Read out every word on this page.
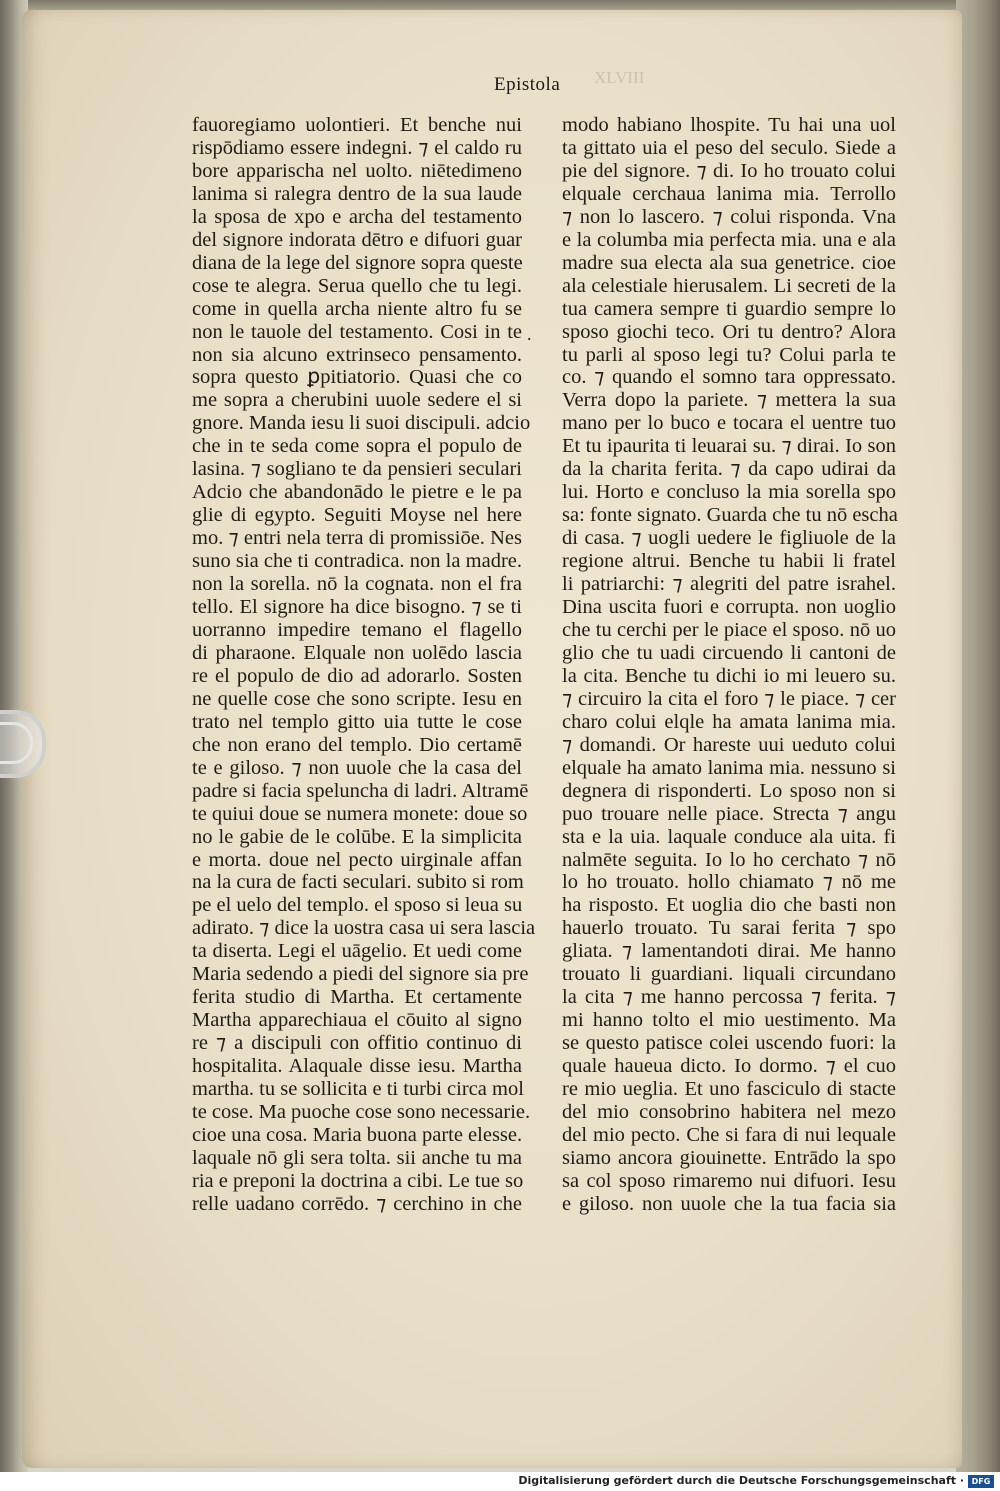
XLVIII
Epistola
fauoregiamo uolontieri. Et benche nui
rispōdiamo essere indegni. ⁊ el caldo ru
bore apparischa nel uolto. niētedimeno
lanima si ralegra dentro de la sua laude
la sposa de xpo e archa del testamento
del signore indorata dētro e difuori guar
diana de la lege del signore sopra queste
cose te alegra. Serua quello che tu legi.
come in quella archa niente altro fu se
non le tauole del testamento. Cosi in te
non sia alcuno extrinseco pensamento.
sopra questo ꝑpitiatorio. Quasi che co
me sopra a cherubini uuole sedere el si
gnore. Manda iesu li suoi discipuli. adcio
che in te seda come sopra el populo de
lasina. ⁊ sogliano te da pensieri seculari
Adcio che abandonādo le pietre e le pa
glie di egypto. Seguiti Moyse nel here
mo. ⁊ entri nela terra di promissiōe. Nes
suno sia che ti contradica. non la madre.
non la sorella. nō la cognata. non el fra
tello. El signore ha dice bisogno. ⁊ se ti
uorranno impedire temano el flagello
di pharaone. Elquale non uolēdo lascia
re el populo de dio ad adorarlo. Sosten
ne quelle cose che sono scripte. Iesu en
trato nel templo gitto uia tutte le cose
che non erano del templo. Dio certamē
te e giloso. ⁊ non uuole che la casa del
padre si facia speluncha di ladri. Altramē
te quiui doue se numera monete: doue so
no le gabie de le colūbe. E la simplicita
e morta. doue nel pecto uirginale affan
na la cura de facti seculari. subito si rom
pe el uelo del templo. el sposo si leua su
adirato. ⁊ dice la uostra casa ui sera lascia
ta diserta. Legi el uāgelio. Et uedi come
Maria sedendo a piedi del signore sia pre
ferita studio di Martha. Et certamente
Martha apparechiaua el cōuito al signo
re ⁊ a discipuli con offitio continuo di
hospitalita. Alaquale disse iesu. Martha
martha. tu se sollicita e ti turbi circa mol
te cose. Ma puoche cose sono necessarie.
cioe una cosa. Maria buona parte elesse.
laquale nō gli sera tolta. sii anche tu ma
ria e preponi la doctrina a cibi. Le tue so
relle uadano corrēdo. ⁊ cerchino in che
modo habiano lhospite. Tu hai una uol
ta gittato uia el peso del seculo. Siede a
pie del signore. ⁊ di. Io ho trouato colui
elquale cerchaua lanima mia. Terrollo
⁊ non lo lascero. ⁊ colui risponda. Vna
e la columba mia perfecta mia. una e ala
madre sua electa ala sua genetrice. cioe
ala celestiale hierusalem. Li secreti de la
tua camera sempre ti guardio sempre lo
sposo giochi teco. Ori tu dentro? Alora
tu parli al sposo legi tu? Colui parla te
co. ⁊ quando el somno tara oppressato.
Verra dopo la pariete. ⁊ mettera la sua
mano per lo buco e tocara el uentre tuo
Et tu ipaurita ti leuarai su. ⁊ dirai. Io son
da la charita ferita. ⁊ da capo udirai da
lui. Horto e concluso la mia sorella spo
sa: fonte signato. Guarda che tu nō escha
di casa. ⁊ uogli uedere le figliuole de la
regione altrui. Benche tu habii li fratel
li patriarchi: ⁊ alegriti del patre israhel.
Dina uscita fuori e corrupta. non uoglio
che tu cerchi per le piace el sposo. nō uo
glio che tu uadi circuendo li cantoni de
la cita. Benche tu dichi io mi leuero su.
⁊ circuiro la cita el foro ⁊ le piace. ⁊ cer
charo colui elqle ha amata lanima mia.
⁊ domandi. Or hareste uui ueduto colui
elquale ha amato lanima mia. nessuno si
degnera di risponderti. Lo sposo non si
puo trouare nelle piace. Strecta ⁊ angu
sta e la uia. laquale conduce ala uita. fi
nalmēte seguita. Io lo ho cerchato ⁊ nō
lo ho trouato. hollo chiamato ⁊ nō me
ha risposto. Et uoglia dio che basti non
hauerlo trouato. Tu sarai ferita ⁊ spo
gliata. ⁊ lamentandoti dirai. Me hanno
trouato li guardiani. liquali circundano
la cita ⁊ me hanno percossa ⁊ ferita. ⁊
mi hanno tolto el mio uestimento. Ma
se questo patisce colei uscendo fuori: la
quale haueua dicto. Io dormo. ⁊ el cuo
re mio ueglia. Et uno fasciculo di stacte
del mio consobrino habitera nel mezo
del mio pecto. Che si fara di nui lequale
siamo ancora giouinette. Entrādo la spo
sa col sposo rimaremo nui difuori. Iesu
e giloso. non uuole che la tua facia sia
.
Digitalisierung gefördert durch die Deutsche Forschungsgemeinschaft · DFG
